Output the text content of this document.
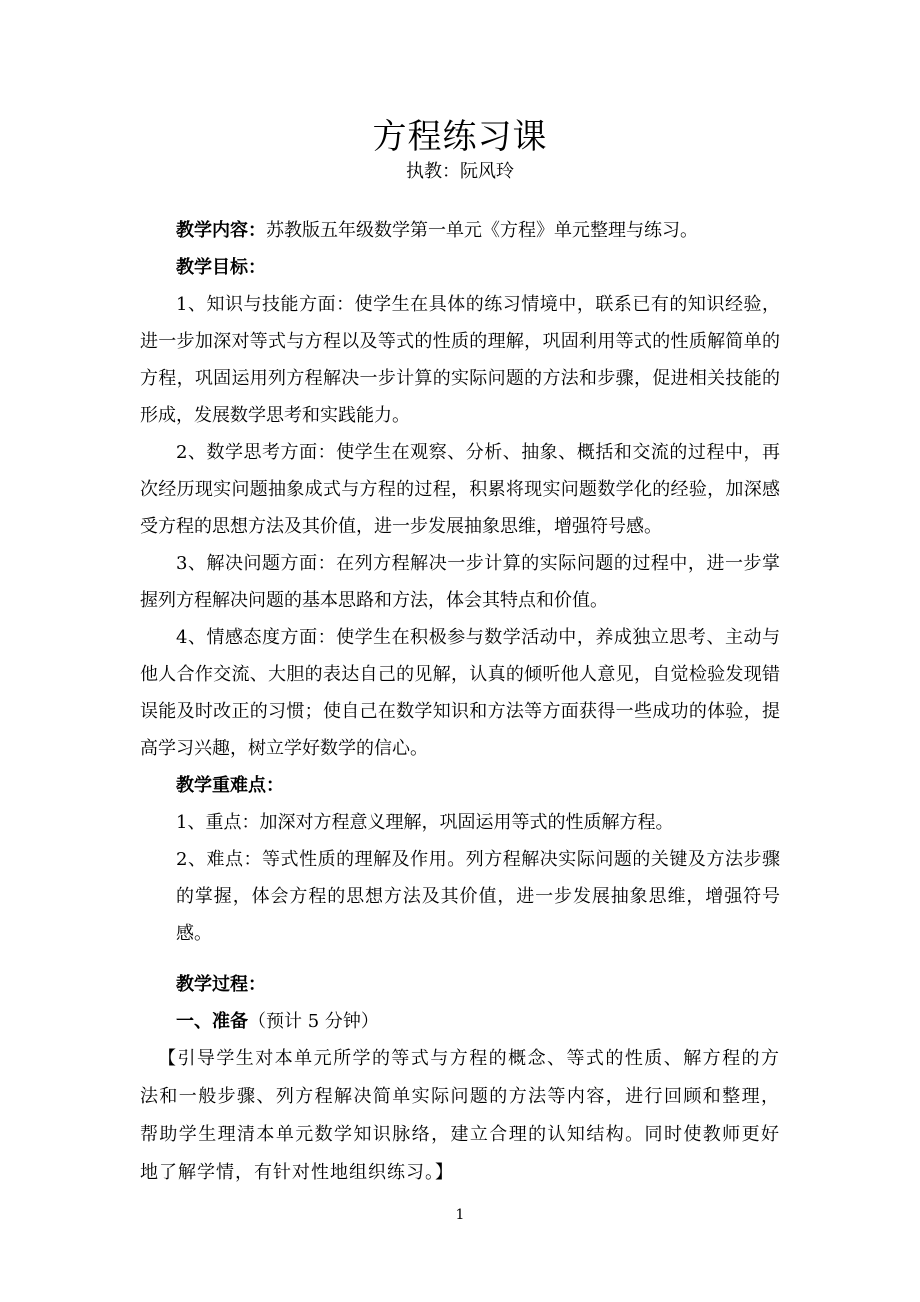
方程练习课
执教：阮风玲

教学内容：苏教版五年级数学第一单元《方程》单元整理与练习。

教学目标：

1、知识与技能方面：使学生在具体的练习情境中，联系已有的知识经验，进一步加深对等式与方程以及等式的性质的理解，巩固利用等式的性质解简单的方程，巩固运用列方程解决一步计算的实际问题的方法和步骤，促进相关技能的形成，发展数学思考和实践能力。

2、数学思考方面：使学生在观察、分析、抽象、概括和交流的过程中，再次经历现实问题抽象成式与方程的过程，积累将现实问题数学化的经验，加深感受方程的思想方法及其价值，进一步发展抽象思维，增强符号感。

3、解决问题方面：在列方程解决一步计算的实际问题的过程中，进一步掌握列方程解决问题的基本思路和方法，体会其特点和价值。

4、情感态度方面：使学生在积极参与数学活动中，养成独立思考、主动与他人合作交流、大胆的表达自己的见解，认真的倾听他人意见，自觉检验发现错误能及时改正的习惯；使自己在数学知识和方法等方面获得一些成功的体验，提高学习兴趣，树立学好数学的信心。

教学重难点：

1、重点：加深对方程意义理解，巩固运用等式的性质解方程。

2、难点：等式性质的理解及作用。列方程解决实际问题的关键及方法步骤的掌握，体会方程的思想方法及其价值，进一步发展抽象思维，增强符号感。

教学过程：

一、准备（预计 5 分钟）

【引导学生对本单元所学的等式与方程的概念、等式的性质、解方程的方法和一般步骤、列方程解决简单实际问题的方法等内容，进行回顾和整理，帮助学生理清本单元数学知识脉络，建立合理的认知结构。同时使教师更好地了解学情，有针对性地组织练习。】

1
